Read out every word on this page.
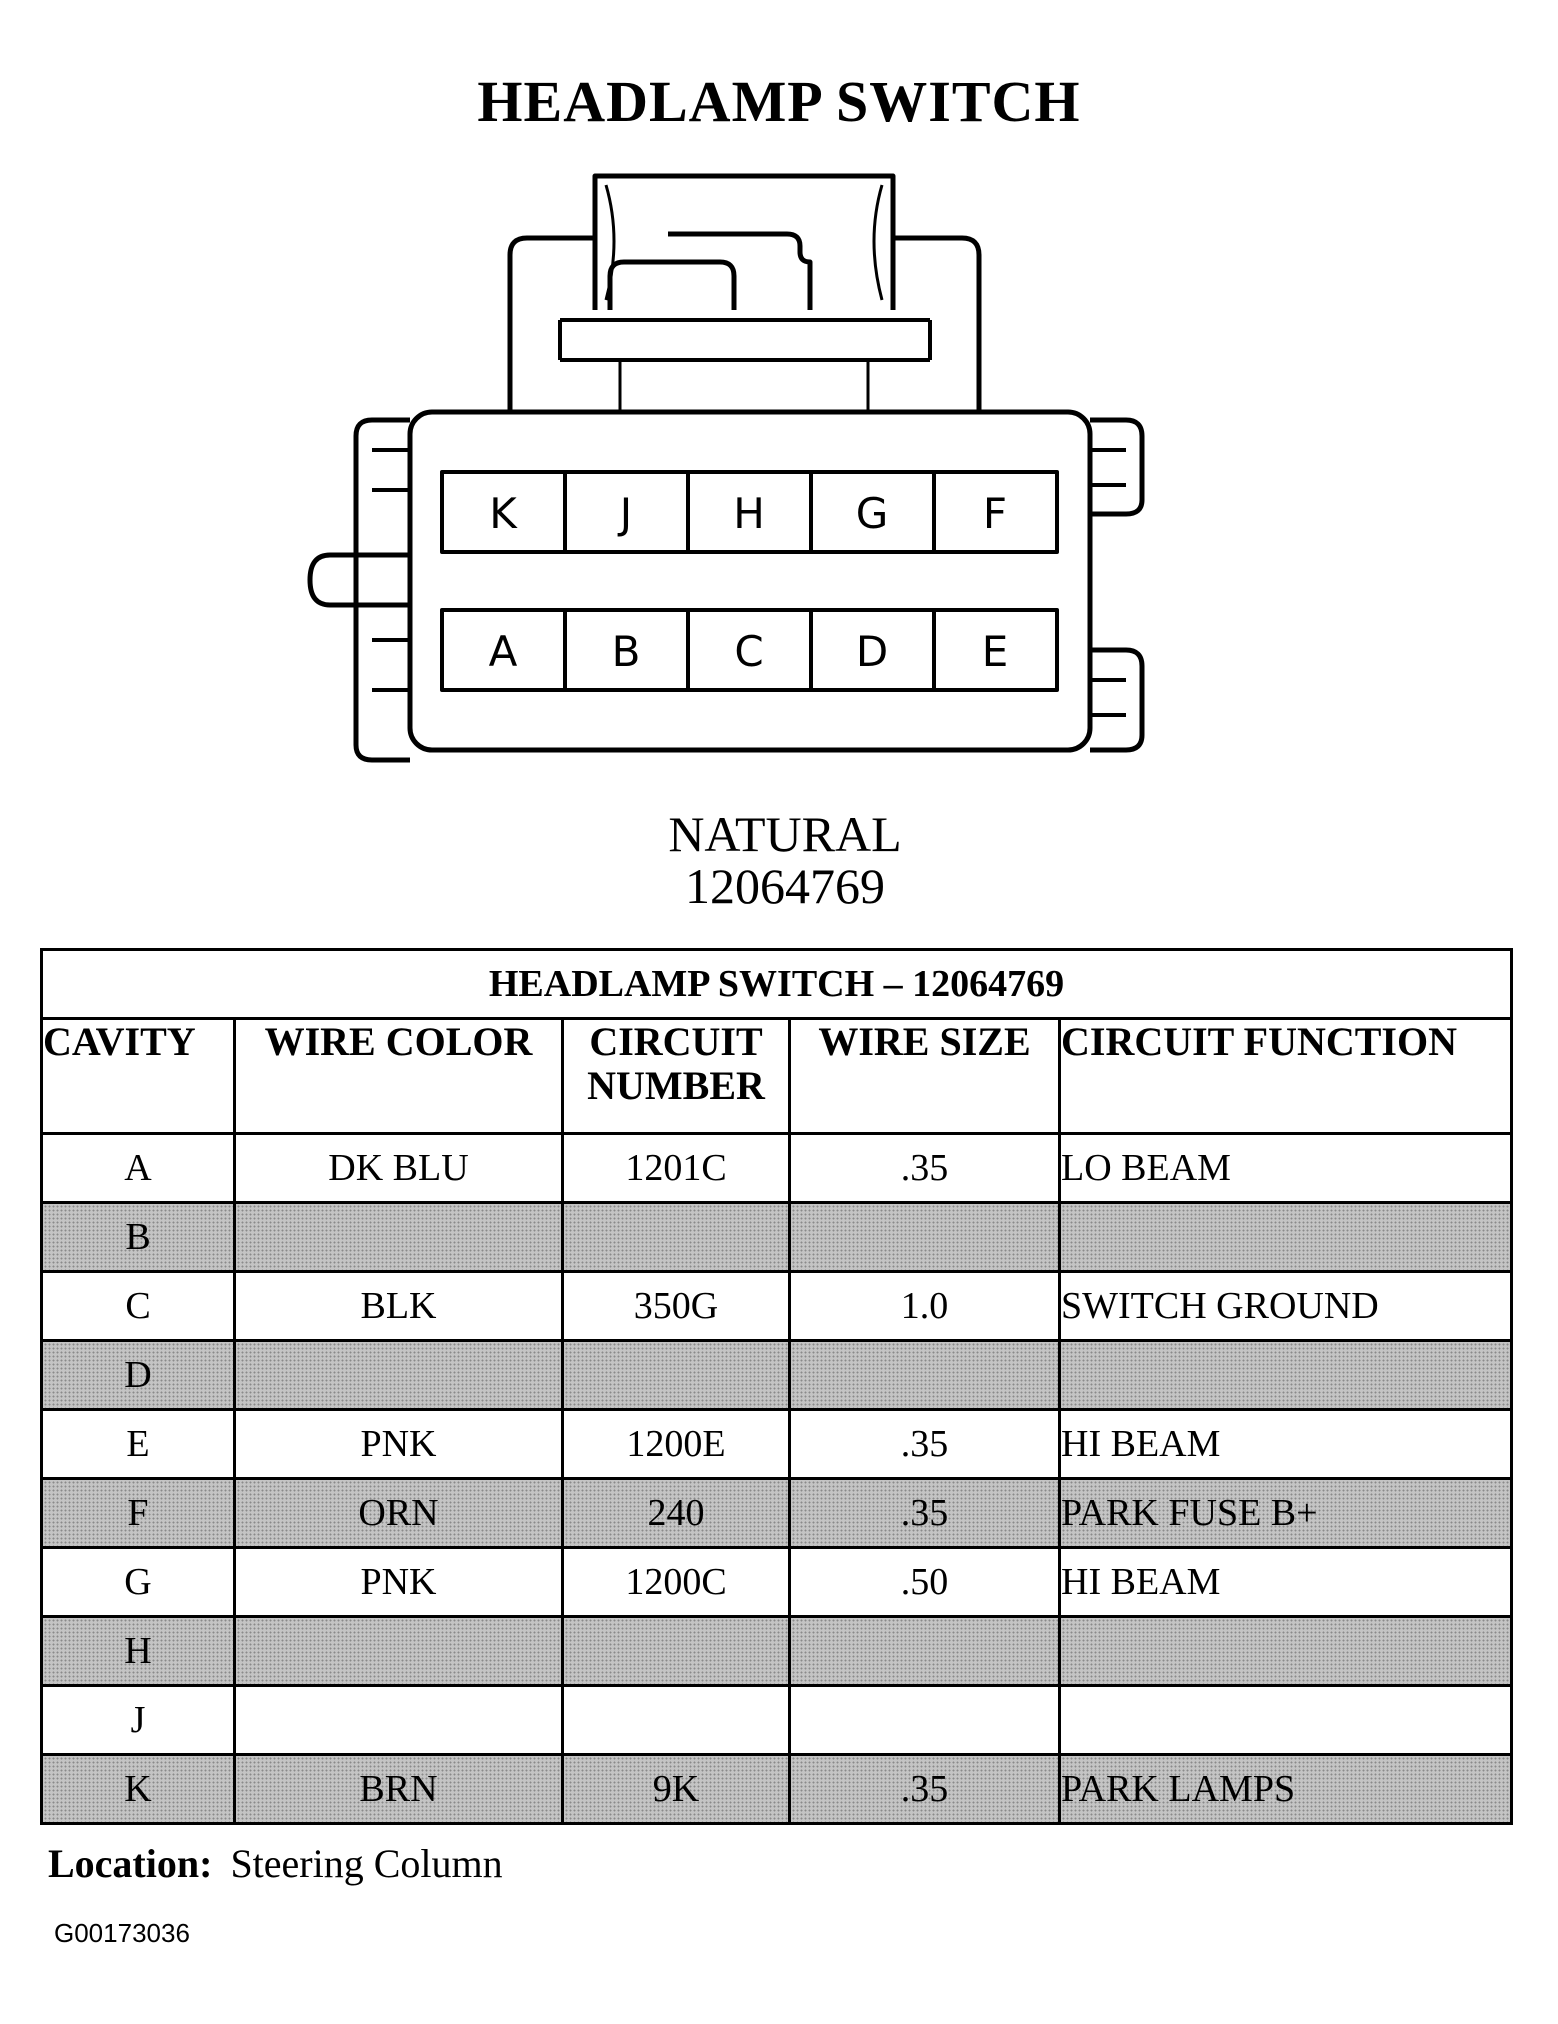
HEADLAMP SWITCH
K J H G F
A B C D E
NATURAL
12064769
HEADLAMP SWITCH – 12064769				
CAVITY	WIRE COLOR	CIRCUIT NUMBER	WIRE SIZE	CIRCUIT FUNCTION
A	DK BLU	1201C	.35	LO BEAM
B				
C	BLK	350G	1.0	SWITCH GROUND
D				
E	PNK	1200E	.35	HI BEAM
F	ORN	240	.35	PARK FUSE B+
G	PNK	1200C	.50	HI BEAM
H				
J				
K	BRN	9K	.35	PARK LAMPS
Location: Steering Column
G00173036
